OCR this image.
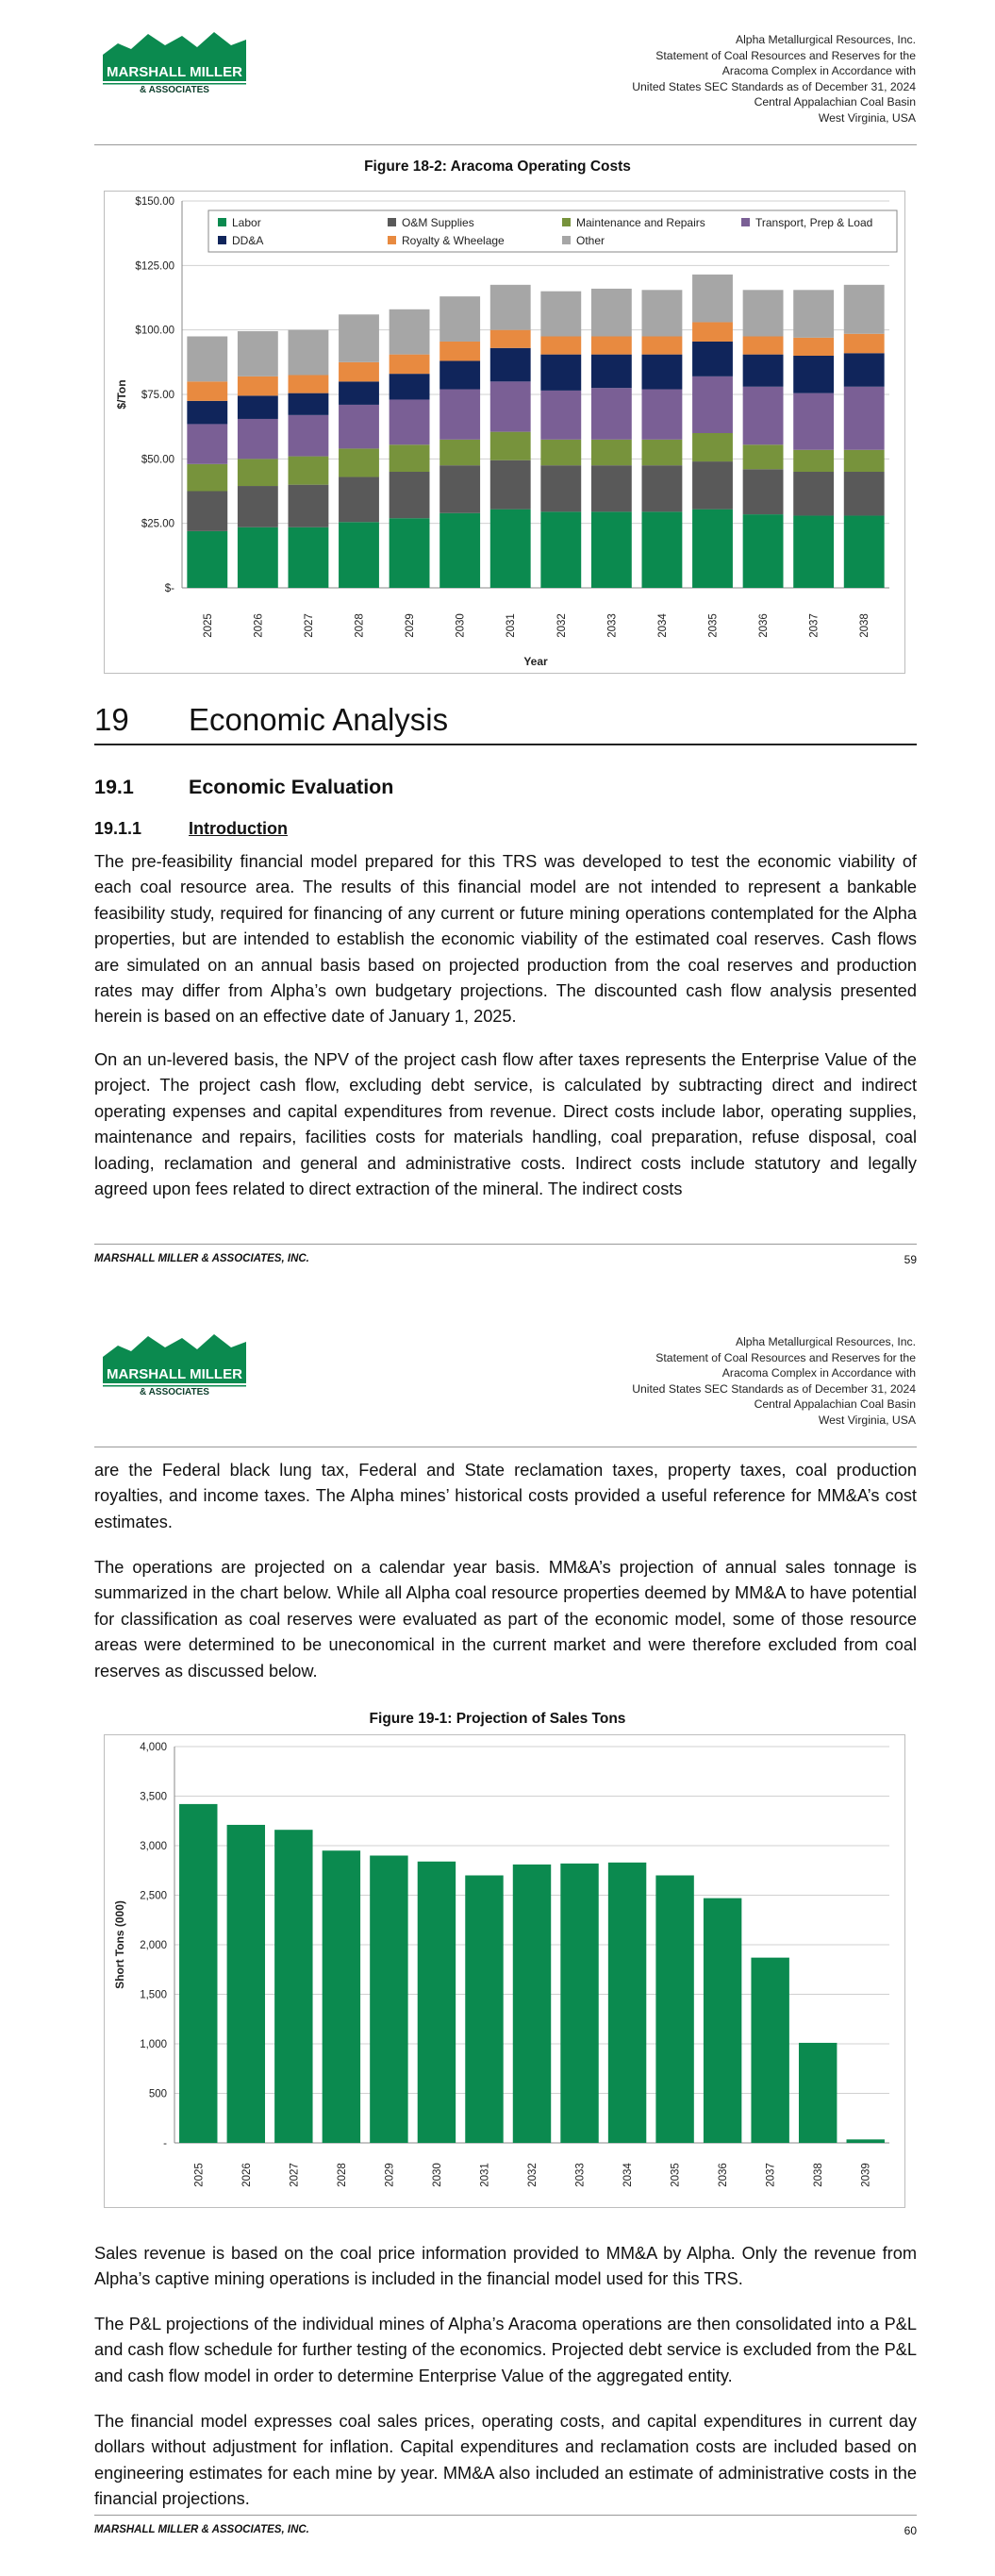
MARSHALL MILLER
& ASSOCIATES
Alpha Metallurgical Resources, Inc.
Statement of Coal Resources and Reserves for the
Aracoma Complex in Accordance with
United States SEC Standards as of December 31, 2024
Central Appalachian Coal Basin
West Virginia, USA
Figure 18-2: Aracoma Operating Costs
$-
$25.00
$50.00
$75.00
$100.00
$125.00
$150.00
2025	2026	2027	2028	2029	2030	2031	2032	2033	2034	2035	2036	2037	2038
Year
$/Ton
Labor	O&M Supplies	Maintenance and Repairs	Transport, Prep & Load
DD&A	Royalty & Wheelage	Other
19 Economic Analysis
19.1	Economic Evaluation
19.1.1	Introduction
The pre-feasibility financial model prepared for this TRS was developed to test the economic viability of each coal resource area. The results of this financial model are not intended to represent a bankable feasibility study, required for financing of any current or future mining operations contemplated for the Alpha properties, but are intended to establish the economic viability of the estimated coal reserves. Cash flows are simulated on an annual basis based on projected production from the coal reserves and production rates may differ from Alpha’s own budgetary projections. The discounted cash flow analysis presented herein is based on an effective date of January 1, 2025.
On an un-levered basis, the NPV of the project cash flow after taxes represents the Enterprise Value of the project. The project cash flow, excluding debt service, is calculated by subtracting direct and indirect operating expenses and capital expenditures from revenue. Direct costs include labor, operating supplies, maintenance and repairs, facilities costs for materials handling, coal preparation, refuse disposal, coal loading, reclamation and general and administrative costs. Indirect costs include statutory and legally agreed upon fees related to direct extraction of the mineral. The indirect costs
MARSHALL MILLER & ASSOCIATES, INC.	59
MARSHALL MILLER
& ASSOCIATES
Alpha Metallurgical Resources, Inc.
Statement of Coal Resources and Reserves for the
Aracoma Complex in Accordance with
United States SEC Standards as of December 31, 2024
Central Appalachian Coal Basin
West Virginia, USA
are the Federal black lung tax, Federal and State reclamation taxes, property taxes, coal production royalties, and income taxes. The Alpha mines’ historical costs provided a useful reference for MM&A’s cost estimates.
The operations are projected on a calendar year basis. MM&A’s projection of annual sales tonnage is summarized in the chart below. While all Alpha coal resource properties deemed by MM&A to have potential for classification as coal reserves were evaluated as part of the economic model, some of those resource areas were determined to be uneconomical in the current market and were therefore excluded from coal reserves as discussed below.
Figure 19-1: Projection of Sales Tons
-
500
1,000
1,500
2,000
2,500
3,000
3,500
4,000
2025	2026	2027	2028	2029	2030	2031	2032	2033	2034	2035	2036	2037	2038	2039
Short Tons (000)
Sales revenue is based on the coal price information provided to MM&A by Alpha. Only the revenue from Alpha’s captive mining operations is included in the financial model used for this TRS.
The P&L projections of the individual mines of Alpha’s Aracoma operations are then consolidated into a P&L and cash flow schedule for further testing of the economics. Projected debt service is excluded from the P&L and cash flow model in order to determine Enterprise Value of the aggregated entity.
The financial model expresses coal sales prices, operating costs, and capital expenditures in current day dollars without adjustment for inflation. Capital expenditures and reclamation costs are included based on engineering estimates for each mine by year. MM&A also included an estimate of administrative costs in the financial projections.
MARSHALL MILLER & ASSOCIATES, INC.	60
